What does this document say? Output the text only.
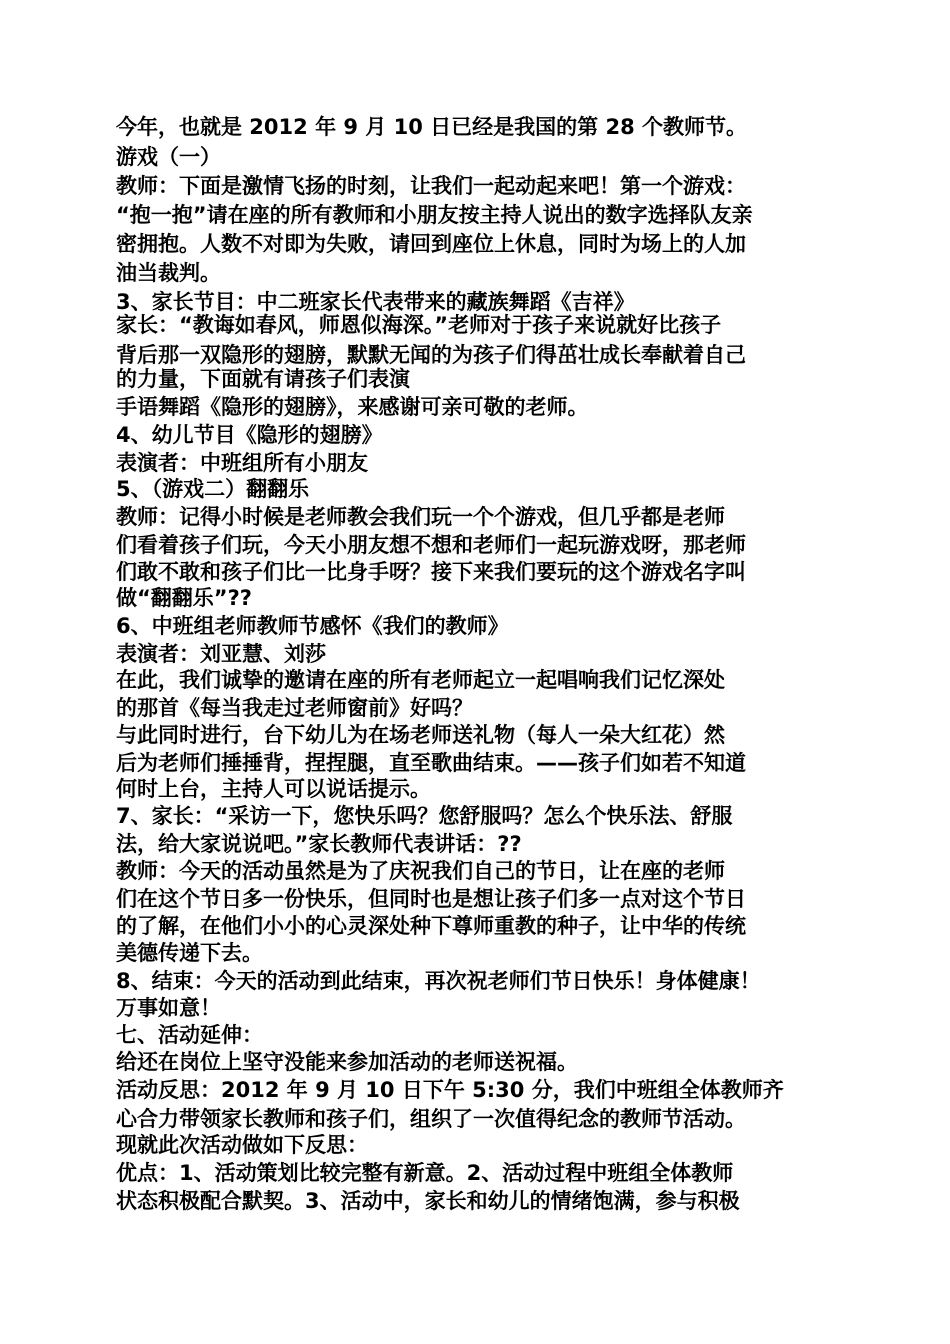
今年，也就是 2012 年 9 月 10 日已经是我国的第 28 个教师节。
游戏（一）
教师：下面是激情飞扬的时刻，让我们一起动起来吧！第一个游戏：
“抱一抱”请在座的所有教师和小朋友按主持人说出的数字选择队友亲
密拥抱。人数不对即为失败，请回到座位上休息，同时为场上的人加
油当裁判。
3、家长节目：中二班家长代表带来的藏族舞蹈《吉祥》
家长：“教诲如春风，师恩似海深。”老师对于孩子来说就好比孩子
背后那一双隐形的翅膀，默默无闻的为孩子们得茁壮成长奉献着自己
的力量，下面就有请孩子们表演
手语舞蹈《隐形的翅膀》，来感谢可亲可敬的老师。
4、幼儿节目《隐形的翅膀》
表演者：中班组所有小朋友
5、（游戏二）翻翻乐
教师：记得小时候是老师教会我们玩一个个游戏，但几乎都是老师
们看着孩子们玩，今天小朋友想不想和老师们一起玩游戏呀，那老师
们敢不敢和孩子们比一比身手呀？接下来我们要玩的这个游戏名字叫
做“翻翻乐”??
6、中班组老师教师节感怀《我们的教师》
表演者：刘亚慧、刘莎
在此，我们诚挚的邀请在座的所有老师起立一起唱响我们记忆深处
的那首《每当我走过老师窗前》好吗？
与此同时进行，台下幼儿为在场老师送礼物（每人一朵大红花）然
后为老师们捶捶背，捏捏腿，直至歌曲结束。——孩子们如若不知道
何时上台，主持人可以说话提示。
7、家长：“采访一下，您快乐吗？您舒服吗？怎么个快乐法、舒服
法，给大家说说吧。”家长教师代表讲话：??
教师：今天的活动虽然是为了庆祝我们自己的节日，让在座的老师
们在这个节日多一份快乐，但同时也是想让孩子们多一点对这个节日
的了解，在他们小小的心灵深处种下尊师重教的种子，让中华的传统
美德传递下去。
8、结束：今天的活动到此结束，再次祝老师们节日快乐！身体健康！
万事如意！
七、活动延伸：
给还在岗位上坚守没能来参加活动的老师送祝福。
活动反思：2012 年 9 月 10 日下午 5:30 分，我们中班组全体教师齐
心合力带领家长教师和孩子们，组织了一次值得纪念的教师节活动。
现就此次活动做如下反思：
优点：1、活动策划比较完整有新意。2、活动过程中班组全体教师
状态积极配合默契。3、活动中，家长和幼儿的情绪饱满，参与积极
